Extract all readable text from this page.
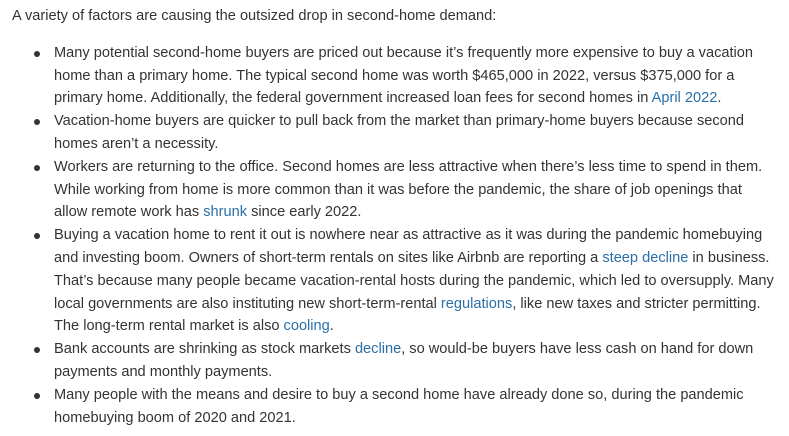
A variety of factors are causing the outsized drop in second-home demand:

Many potential second-home buyers are priced out because it’s frequently more expensive to buy a vacation home than a primary home. The typical second home was worth $465,000 in 2022, versus $375,000 for a primary home. Additionally, the federal government increased loan fees for second homes in April 2022.
Vacation-home buyers are quicker to pull back from the market than primary-home buyers because second homes aren’t a necessity.
Workers are returning to the office. Second homes are less attractive when there’s less time to spend in them. While working from home is more common than it was before the pandemic, the share of job openings that allow remote work has shrunk since early 2022.
Buying a vacation home to rent it out is nowhere near as attractive as it was during the pandemic homebuying and investing boom. Owners of short-term rentals on sites like Airbnb are reporting a steep decline in business. That’s because many people became vacation-rental hosts during the pandemic, which led to oversupply. Many local governments are also instituting new short-term-rental regulations, like new taxes and stricter permitting. The long-term rental market is also cooling.
Bank accounts are shrinking as stock markets decline, so would-be buyers have less cash on hand for down payments and monthly payments.
Many people with the means and desire to buy a second home have already done so, during the pandemic homebuying boom of 2020 and 2021.
